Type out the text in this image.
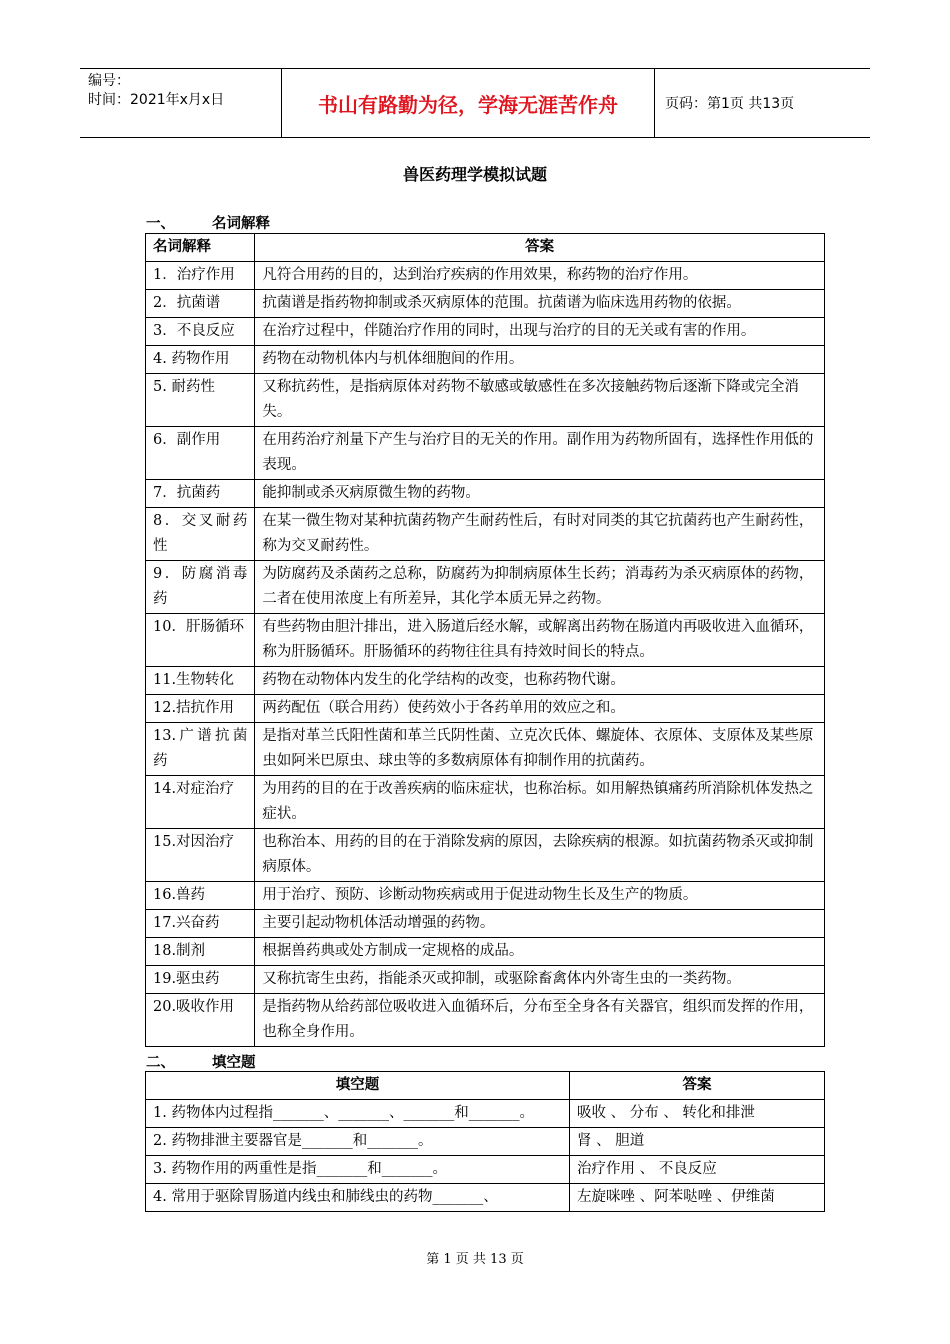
编号：
时间：2021年x月x日	书山有路勤为径，学海无涯苦作舟	页码：第1页 共13页
兽医药理学模拟试题
一、	名词解释
名词解释	答案
1．治疗作用	凡符合用药的目的，达到治疗疾病的作用效果，称药物的治疗作用。
2．抗菌谱	抗菌谱是指药物抑制或杀灭病原体的范围。抗菌谱为临床选用药物的依据。
3．不良反应	在治疗过程中，伴随治疗作用的同时，出现与治疗的目的无关或有害的作用。
4. 药物作用	药物在动物机体内与机体细胞间的作用。
5. 耐药性	又称抗药性，是指病原体对药物不敏感或敏感性在多次接触药物后逐渐下降或完全消失。
6．副作用	在用药治疗剂量下产生与治疗目的无关的作用。副作用为药物所固有，选择性作用低的表现。
7．抗菌药	能抑制或杀灭病原微生物的药物。
8．交叉耐药性	在某一微生物对某种抗菌药物产生耐药性后，有时对同类的其它抗菌药也产生耐药性，称为交叉耐药性。
9．防腐消毒药	为防腐药及杀菌药之总称，防腐药为抑制病原体生长药；消毒药为杀灭病原体的药物，二者在使用浓度上有所差异，其化学本质无异之药物。
10．肝肠循环	有些药物由胆汁排出，进入肠道后经水解，或解离出药物在肠道内再吸收进入血循环，称为肝肠循环。肝肠循环的药物往往具有持效时间长的特点。
11.生物转化	药物在动物体内发生的化学结构的改变，也称药物代谢。
12.拮抗作用	两药配伍（联合用药）使药效小于各药单用的效应之和。
13.广谱抗菌药	是指对革兰氏阳性菌和革兰氏阴性菌、立克次氏体、螺旋体、衣原体、支原体及某些原虫如阿米巴原虫、球虫等的多数病原体有抑制作用的抗菌药。
14.对症治疗	为用药的目的在于改善疾病的临床症状，也称治标。如用解热镇痛药所消除机体发热之症状。
15.对因治疗	也称治本、用药的目的在于消除发病的原因，去除疾病的根源。如抗菌药物杀灭或抑制病原体。
16.兽药	用于治疗、预防、诊断动物疾病或用于促进动物生长及生产的物质。
17.兴奋药	主要引起动物机体活动增强的药物。
18.制剂	根据兽药典或处方制成一定规格的成品。
19.驱虫药	又称抗寄生虫药，指能杀灭或抑制，或驱除畜禽体内外寄生虫的一类药物。
20.吸收作用	是指药物从给药部位吸收进入血循环后，分布至全身各有关器官，组织而发挥的作用，也称全身作用。
二、	填空题
填空题	答案
1. 药物体内过程指_______、_______、_______和_______。	吸收 、 分布 、 转化和排泄
2. 药物排泄主要器官是_______和_______。	肾 、 胆道
3. 药物作用的两重性是指_______和_______。	治疗作用 、 不良反应
4. 常用于驱除胃肠道内线虫和肺线虫的药物_______、	左旋咪唑 、阿苯哒唑 、伊维菌
第 1 页 共 13 页
